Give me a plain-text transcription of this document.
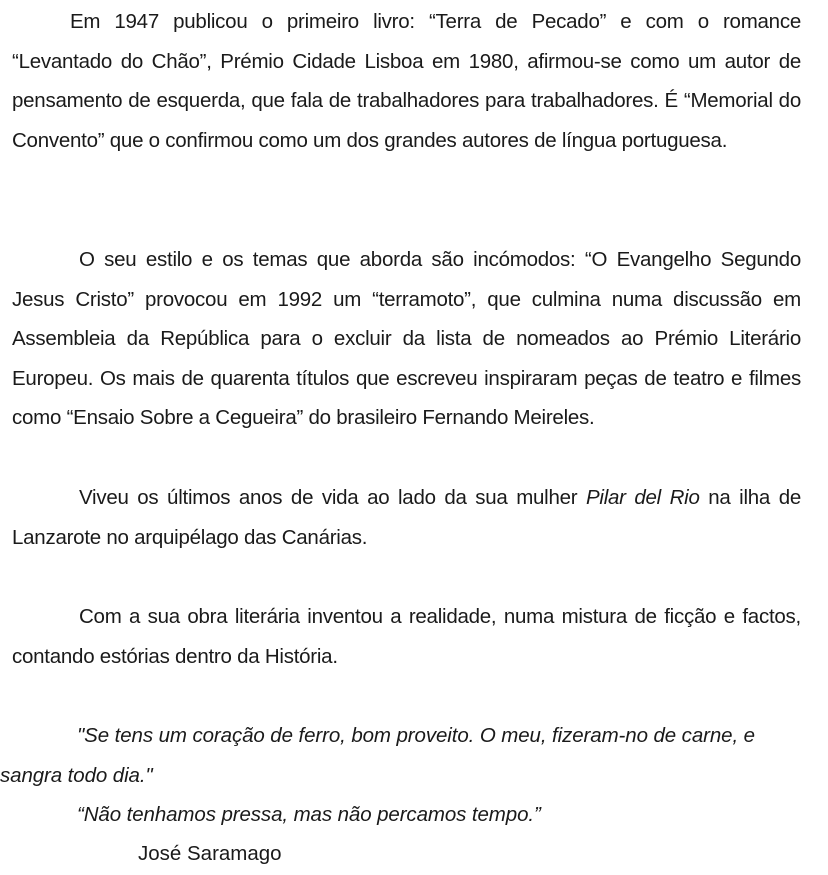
Em 1947 publicou o primeiro livro: “Terra de Pecado” e com o romance “Levantado do Chão”, Prémio Cidade Lisboa em 1980, afirmou-se como um autor de pensamento de esquerda, que fala de trabalhadores para trabalhadores. É “Memorial do Convento” que o confirmou como um dos grandes autores de língua portuguesa.

O seu estilo e os temas que aborda são incómodos: “O Evangelho Segundo Jesus Cristo” provocou em 1992 um “terramoto”, que culmina numa discussão em Assembleia da República para o excluir da lista de nomeados ao Prémio Literário Europeu. Os mais de quarenta títulos que escreveu inspiraram peças de teatro e filmes como “Ensaio Sobre a Cegueira” do brasileiro Fernando Meireles.

Viveu os últimos anos de vida ao lado da sua mulher Pilar del Rio na ilha de Lanzarote no arquipélago das Canárias.

Com a sua obra literária inventou a realidade, numa mistura de ficção e factos, contando estórias dentro da História.

"Se tens um coração de ferro, bom proveito. O meu, fizeram-no de carne, e sangra todo dia."

“Não tenhamos pressa, mas não percamos tempo.”

José Saramago
